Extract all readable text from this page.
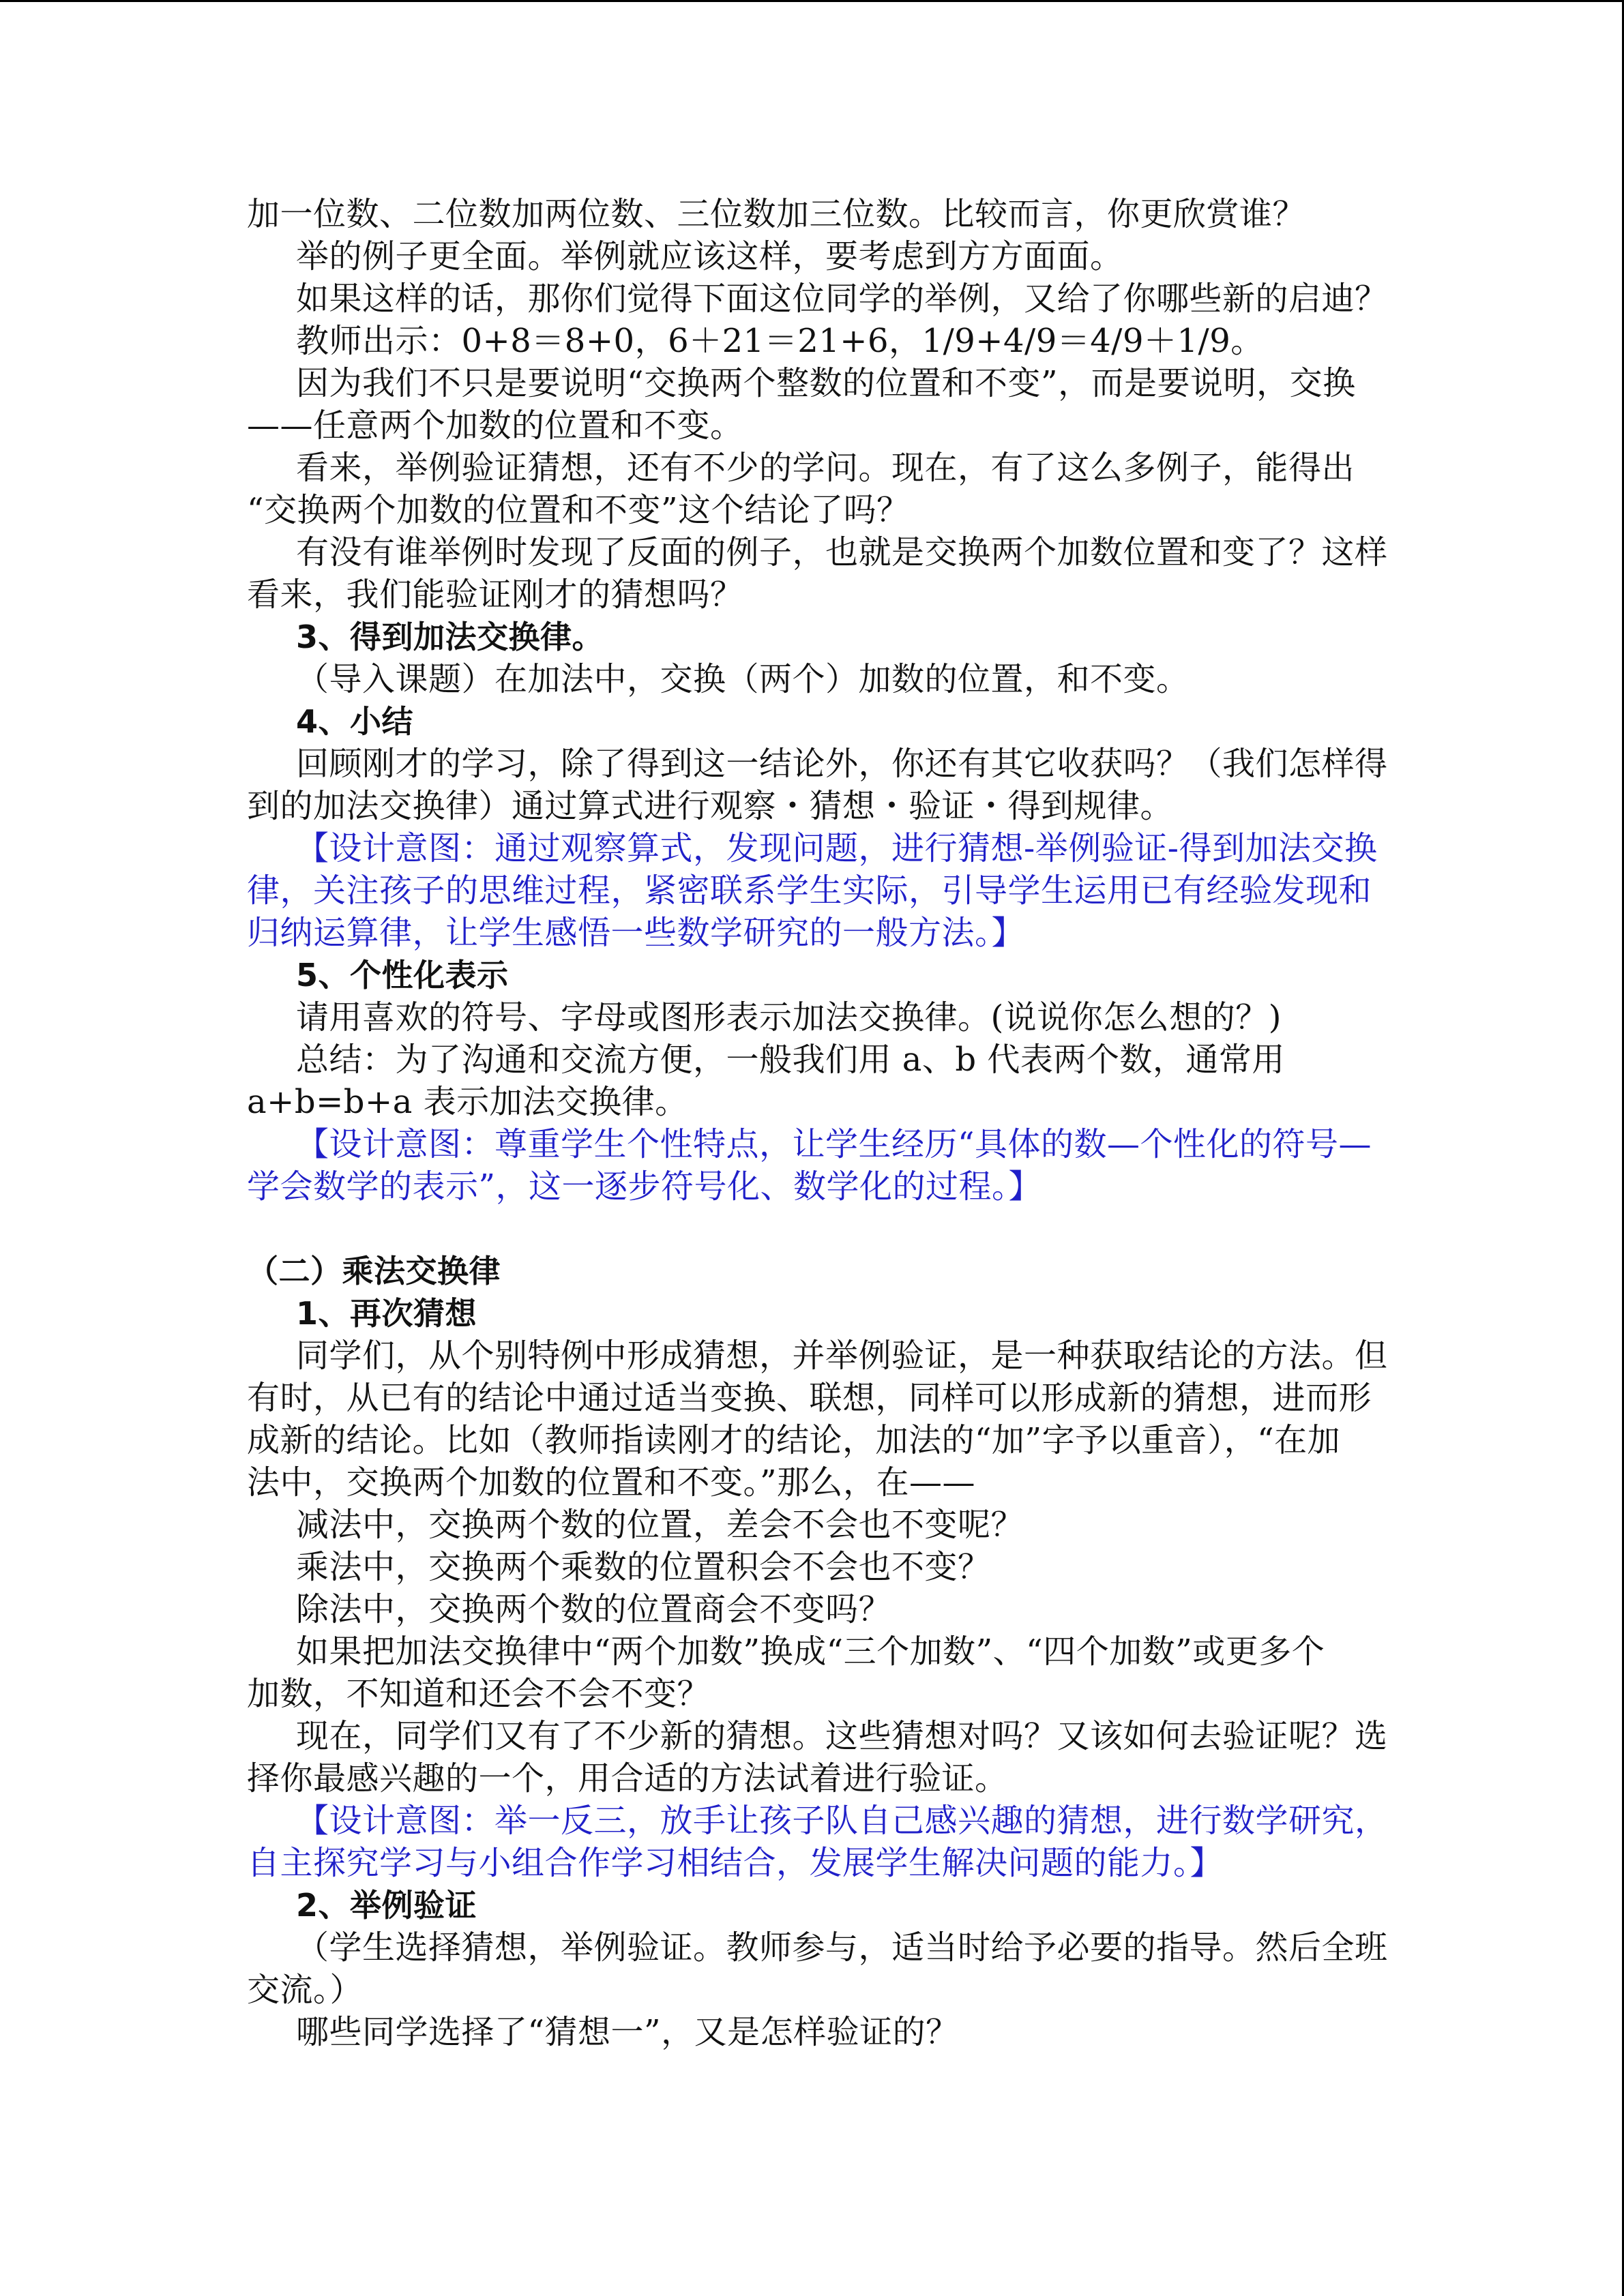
加一位数、二位数加两位数、三位数加三位数。比较而言，你更欣赏谁？
举的例子更全面。举例就应该这样，要考虑到方方面面。
如果这样的话，那你们觉得下面这位同学的举例，又给了你哪些新的启迪？
教师出示：0+8＝8+0，6＋21＝21+6，1/9+4/9＝4/9＋1/9。
因为我们不只是要说明“交换两个整数的位置和不变”，而是要说明，交换
——任意两个加数的位置和不变。
看来，举例验证猜想，还有不少的学问。现在，有了这么多例子，能得出
“交换两个加数的位置和不变”这个结论了吗？
有没有谁举例时发现了反面的例子，也就是交换两个加数位置和变了？这样
看来，我们能验证刚才的猜想吗？
3、得到加法交换律。
（导入课题）在加法中，交换（两个）加数的位置，和不变。
4、小结
回顾刚才的学习，除了得到这一结论外，你还有其它收获吗？（我们怎样得
到的加法交换律）通过算式进行观察・猜想・验证・得到规律。
【设计意图：通过观察算式，发现问题，进行猜想-举例验证-得到加法交换
律，关注孩子的思维过程，紧密联系学生实际，引导学生运用已有经验发现和
归纳运算律，让学生感悟一些数学研究的一般方法。】
5、个性化表示
请用喜欢的符号、字母或图形表示加法交换律。(说说你怎么想的？)
总结：为了沟通和交流方便，一般我们用 a、b 代表两个数，通常用
a+b=b+a 表示加法交换律。
【设计意图：尊重学生个性特点，让学生经历“具体的数—个性化的符号—
学会数学的表示”，这一逐步符号化、数学化的过程。】
（二）乘法交换律
1、再次猜想
同学们，从个别特例中形成猜想，并举例验证，是一种获取结论的方法。但
有时，从已有的结论中通过适当变换、联想，同样可以形成新的猜想，进而形
成新的结论。比如（教师指读刚才的结论，加法的“加”字予以重音），“在加
法中，交换两个加数的位置和不变。”那么，在——
减法中，交换两个数的位置，差会不会也不变呢？
乘法中，交换两个乘数的位置积会不会也不变？
除法中，交换两个数的位置商会不变吗？
如果把加法交换律中“两个加数”换成“三个加数”、“四个加数”或更多个
加数，不知道和还会不会不变？
现在，同学们又有了不少新的猜想。这些猜想对吗？又该如何去验证呢？选
择你最感兴趣的一个，用合适的方法试着进行验证。
【设计意图：举一反三，放手让孩子队自己感兴趣的猜想，进行数学研究，
自主探究学习与小组合作学习相结合，发展学生解决问题的能力。】
2、举例验证
（学生选择猜想，举例验证。教师参与，适当时给予必要的指导。然后全班
交流。）
哪些同学选择了“猜想一”，又是怎样验证的？
